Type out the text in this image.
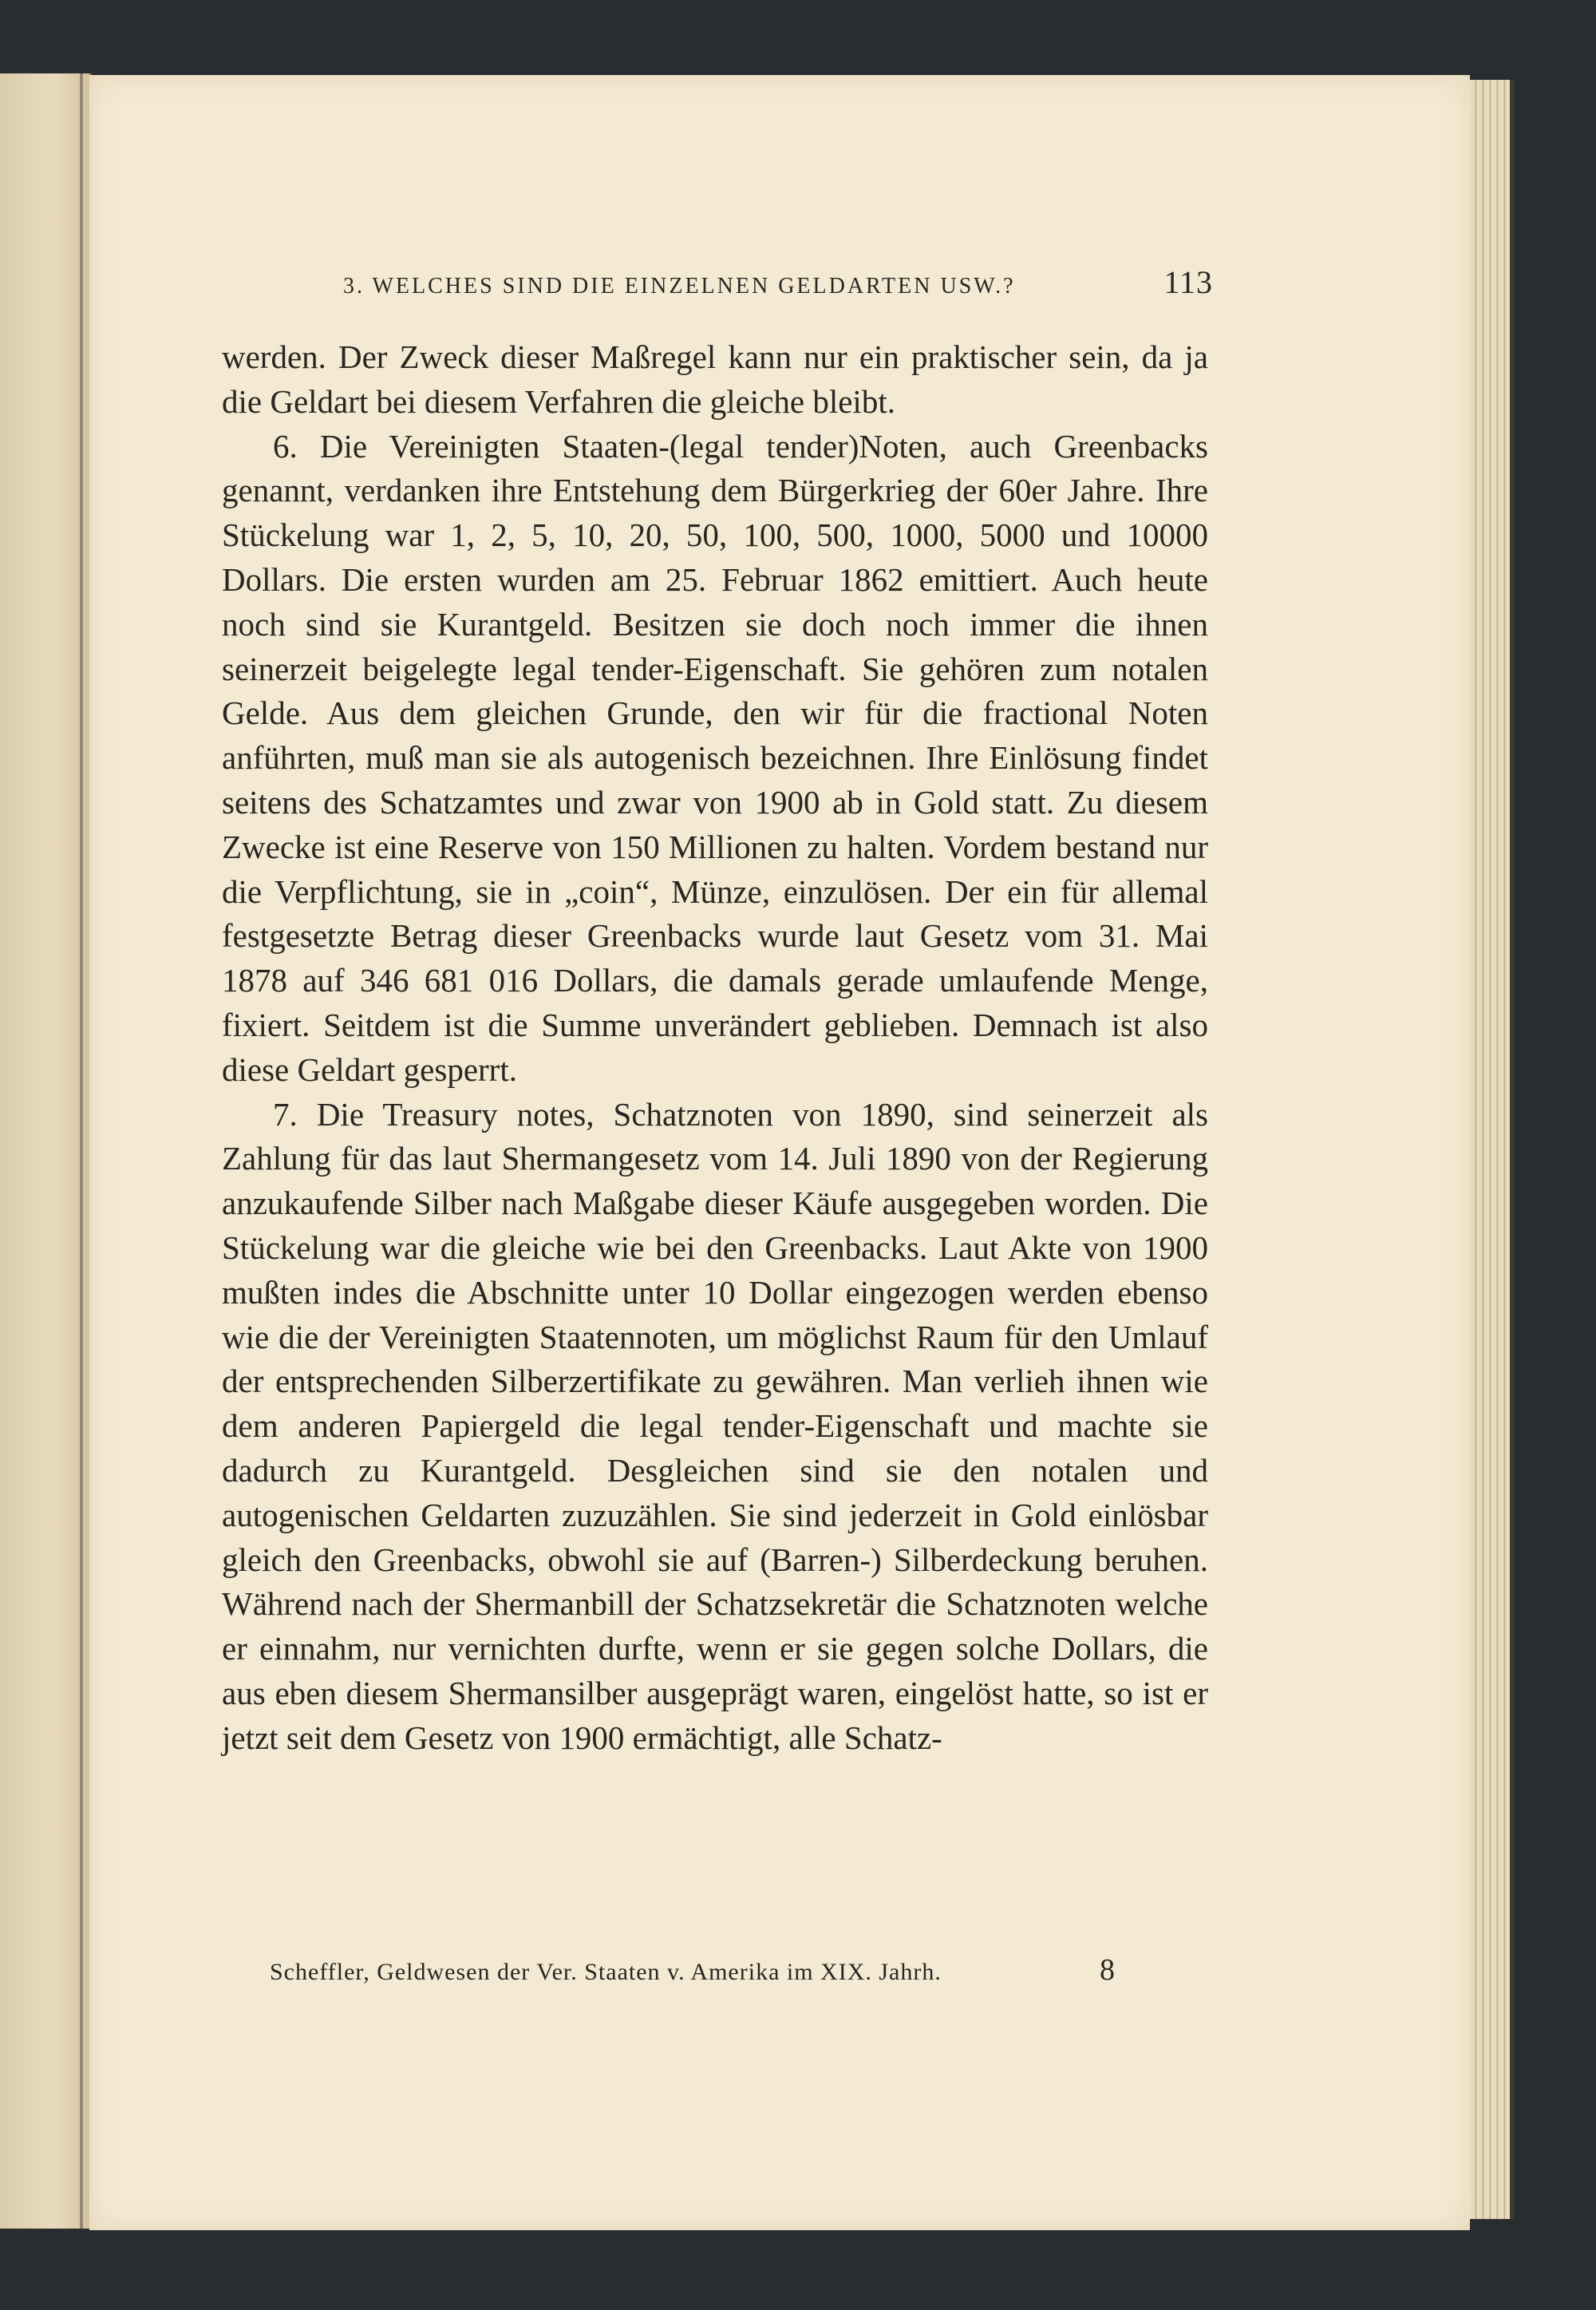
3. WELCHES SIND DIE EINZELNEN GELDARTEN USW.?	113

werden. Der Zweck dieser Maßregel kann nur ein praktischer sein, da ja die Geldart bei diesem Verfahren die gleiche bleibt.

6. Die Vereinigten Staaten-(legal tender)Noten, auch Greenbacks genannt, verdanken ihre Entstehung dem Bürgerkrieg der 60er Jahre. Ihre Stückelung war 1, 2, 5, 10, 20, 50, 100, 500, 1000, 5000 und 10000 Dollars. Die ersten wurden am 25. Februar 1862 emittiert. Auch heute noch sind sie Kurantgeld. Besitzen sie doch noch immer die ihnen seinerzeit beigelegte legal tender-Eigenschaft. Sie gehören zum notalen Gelde. Aus dem gleichen Grunde, den wir für die fractional Noten anführten, muß man sie als autogenisch bezeichnen. Ihre Einlösung findet seitens des Schatzamtes und zwar von 1900 ab in Gold statt. Zu diesem Zwecke ist eine Reserve von 150 Millionen zu halten. Vordem bestand nur die Verpflichtung, sie in „coin“, Münze, einzulösen. Der ein für allemal festgesetzte Betrag dieser Greenbacks wurde laut Gesetz vom 31. Mai 1878 auf 346 681 016 Dollars, die damals gerade umlaufende Menge, fixiert. Seitdem ist die Summe unverändert geblieben. Demnach ist also diese Geldart gesperrt.

7. Die Treasury notes, Schatznoten von 1890, sind seinerzeit als Zahlung für das laut Shermangesetz vom 14. Juli 1890 von der Regierung anzukaufende Silber nach Maßgabe dieser Käufe ausgegeben worden. Die Stückelung war die gleiche wie bei den Greenbacks. Laut Akte von 1900 mußten indes die Abschnitte unter 10 Dollar eingezogen werden ebenso wie die der Vereinigten Staatennoten, um möglichst Raum für den Umlauf der entsprechenden Silberzertifikate zu gewähren. Man verlieh ihnen wie dem anderen Papiergeld die legal tender-Eigenschaft und machte sie dadurch zu Kurantgeld. Desgleichen sind sie den notalen und autogenischen Geldarten zuzuzählen. Sie sind jederzeit in Gold einlösbar gleich den Greenbacks, obwohl sie auf (Barren-) Silberdeckung beruhen. Während nach der Shermanbill der Schatzsekretär die Schatznoten welche er einnahm, nur vernichten durfte, wenn er sie gegen solche Dollars, die aus eben diesem Shermansilber ausgeprägt waren, eingelöst hatte, so ist er jetzt seit dem Gesetz von 1900 ermächtigt, alle Schatz-

Scheffler, Geldwesen der Ver. Staaten v. Amerika im XIX. Jahrh.	8
